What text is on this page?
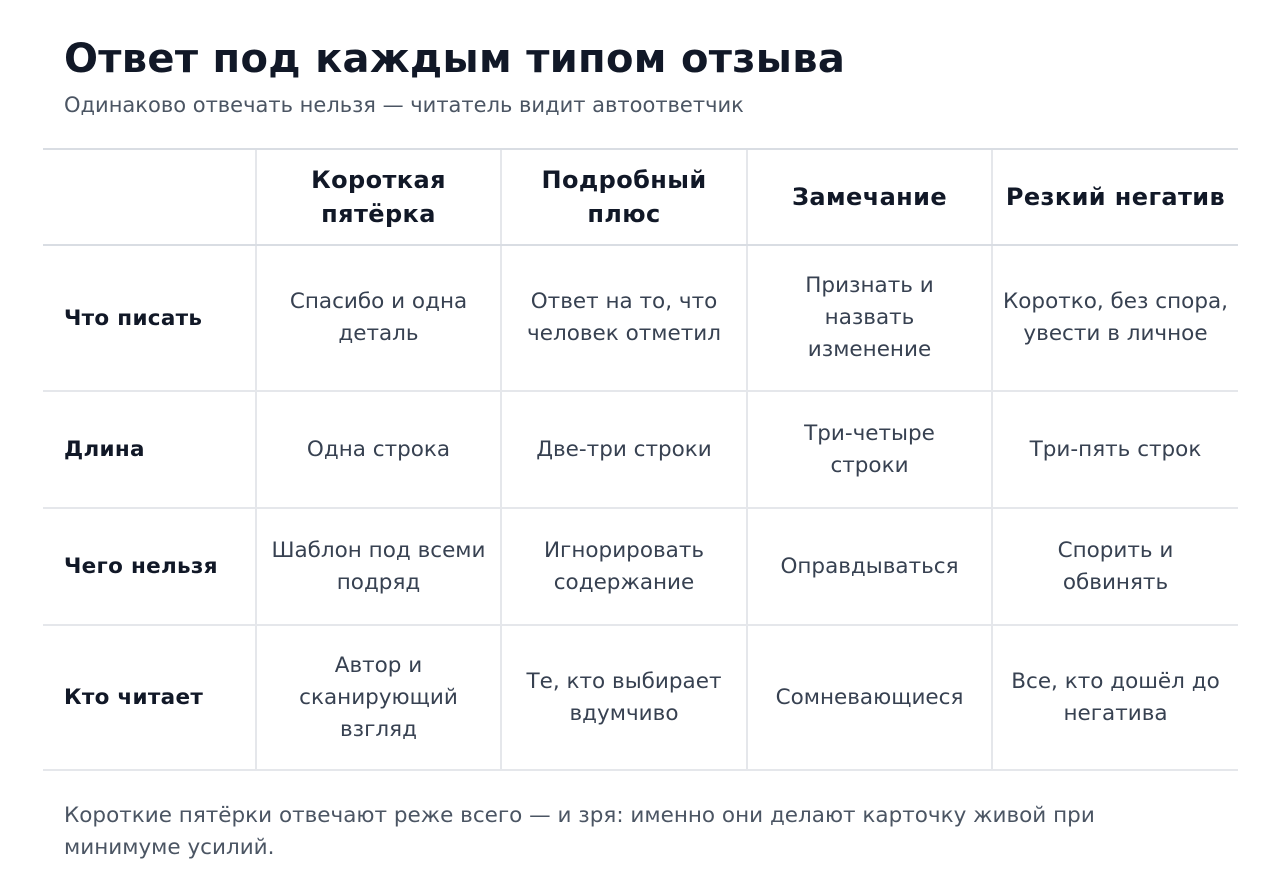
Ответ под каждым типом отзыва

Одинаково отвечать нельзя — читатель видит автоответчик

	Короткая пятёрка	Подробный плюс	Замечание	Резкий негатив
Что писать	Спасибо и одна деталь	Ответ на то, что человек отметил	Признать и назвать изменение	Коротко, без спора, увести в личное
Длина	Одна строка	Две-три строки	Три-четыре строки	Три-пять строк
Чего нельзя	Шаблон под всеми подряд	Игнорировать содержание	Оправдываться	Спорить и обвинять
Кто читает	Автор и сканирующий взгляд	Те, кто выбирает вдумчиво	Сомневающиеся	Все, кто дошёл до негатива

Короткие пятёрки отвечают реже всего — и зря: именно они делают карточку живой при минимуме усилий.
